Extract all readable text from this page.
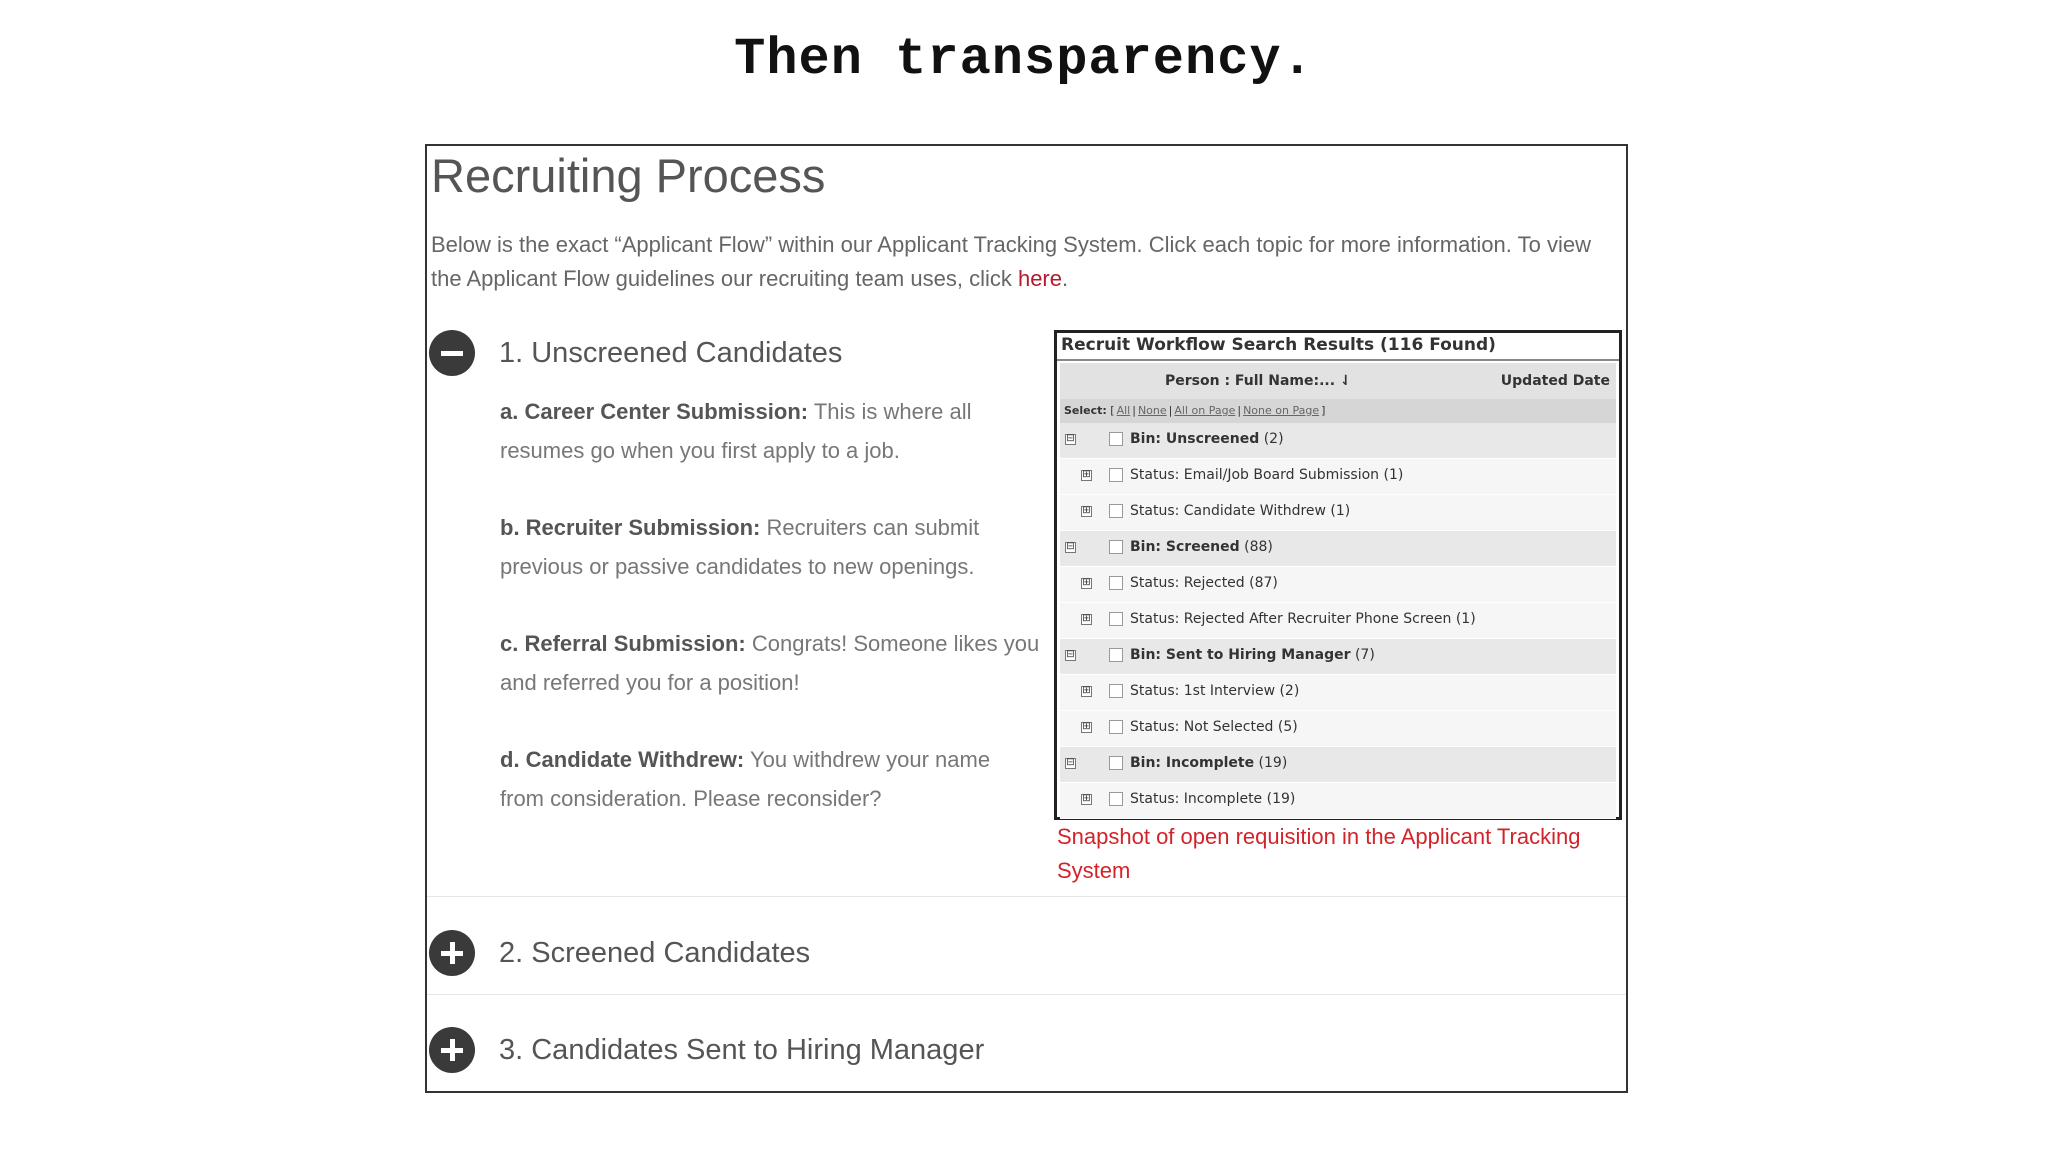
Then transparency.
Recruiting Process
Below is the exact “Applicant Flow” within our Applicant Tracking System. Click each topic for more information. To view the Applicant Flow guidelines our recruiting team uses, click here.
1. Unscreened Candidates
a. Career Center Submission: This is where all resumes go when you first apply to a job.
b. Recruiter Submission: Recruiters can submit previous or passive candidates to new openings.
c. Referral Submission: Congrats! Someone likes you and referred you for a position!
d. Candidate Withdrew: You withdrew your name from consideration. Please reconsider?
Recruit Workflow Search Results (116 Found)
Person : Full Name:... ⇃	Updated Date
Select: [ All | None | All on Page | None on Page ]
⊟	Bin: Unscreened (2)
⊞	Status: Email/Job Board Submission (1)
⊞	Status: Candidate Withdrew (1)
⊟	Bin: Screened (88)
⊞	Status: Rejected (87)
⊞	Status: Rejected After Recruiter Phone Screen (1)
⊟	Bin: Sent to Hiring Manager (7)
⊞	Status: 1st Interview (2)
⊞	Status: Not Selected (5)
⊟	Bin: Incomplete (19)
⊞	Status: Incomplete (19)
Snapshot of open requisition in the Applicant Tracking System
2. Screened Candidates
3. Candidates Sent to Hiring Manager
